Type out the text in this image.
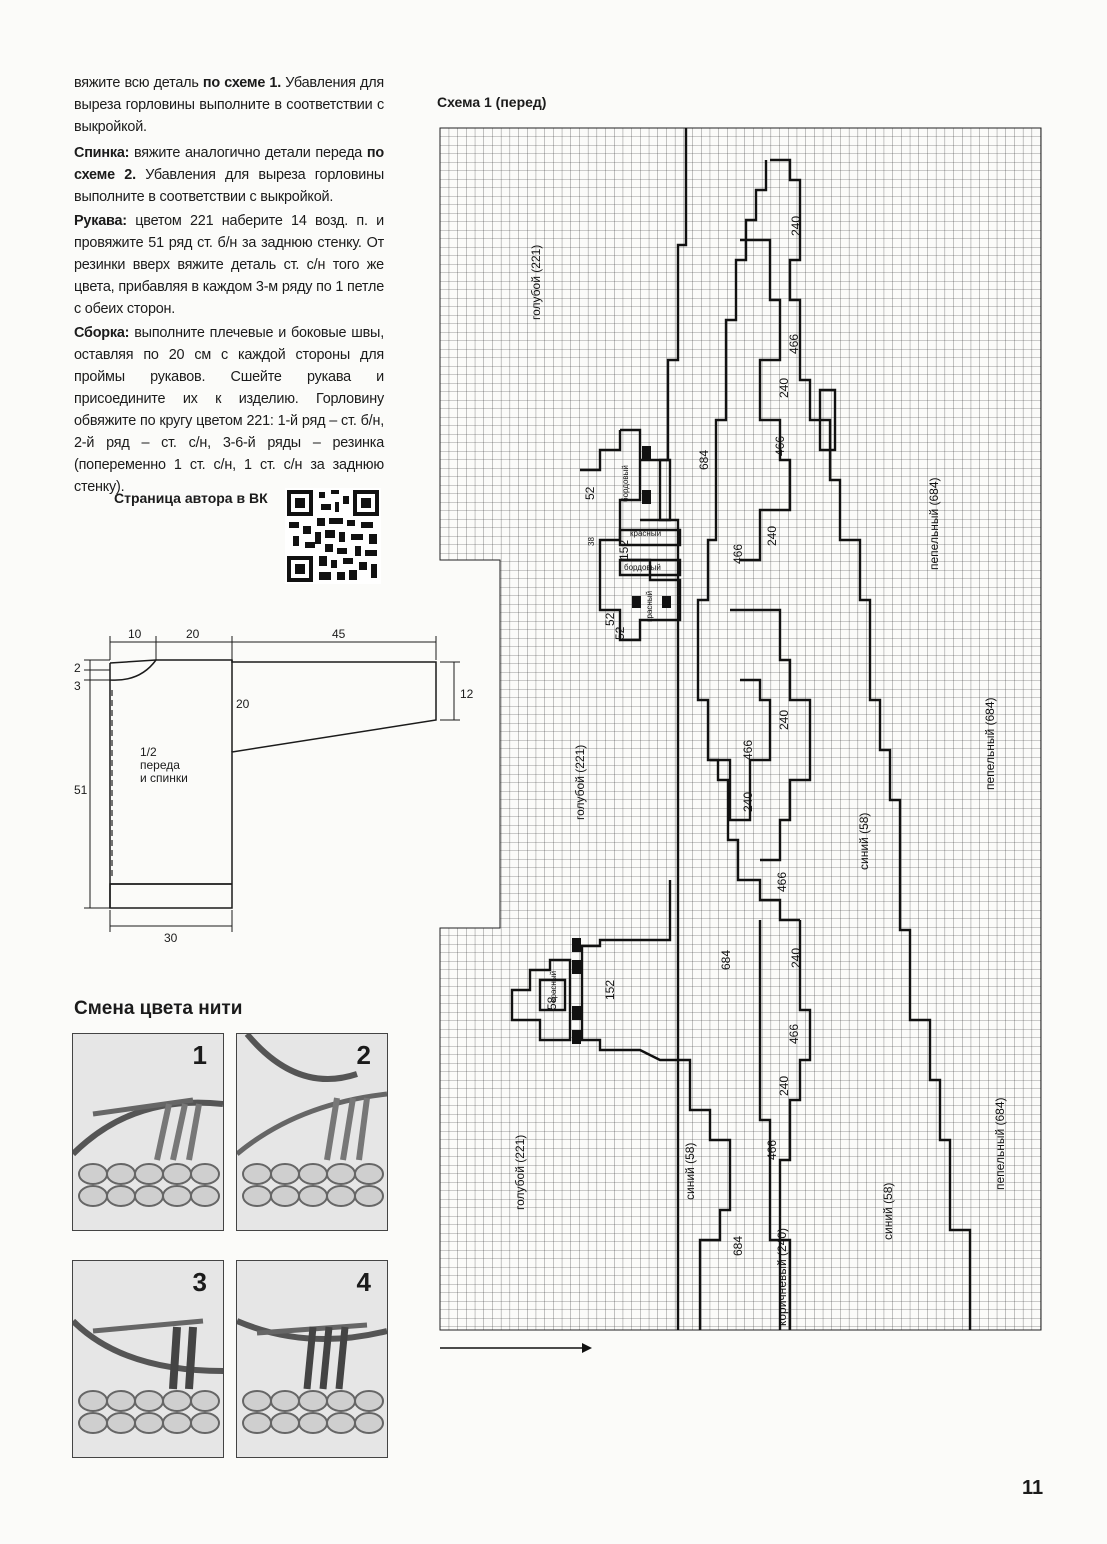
вяжите всю деталь по схеме 1. Убавления для выреза горловины выполните в соответствии с выкройкой.
Спинка: вяжите аналогично детали переда по схеме 2. Убавления для выреза горловины выполните в соответствии с выкройкой.
Рукава: цветом 221 наберите 14 возд. п. и провяжите 51 ряд ст. б/н за заднюю стенку. От резинки вверх вяжите деталь ст. с/н того же цвета, прибавляя в каждом 3-м ряду по 1 петле с обеих сторон.
Сборка: выполните плечевые и боковые швы, оставляя по 20 см с каждой стороны для проймы рукавов. Сшейте рукава и присоедините их к изделию. Горловину обвяжите по кругу цветом 221: 1-й ряд – ст. б/н, 2-й ряд – ст. с/н, 3-6-й ряды – резинка (попеременно 1 ст. с/н, 1 ст. с/н за заднюю стенку).
Страница автора в ВК
10	20	45
2
3
12
20
51
30
1/2
переда
и спинки
Смена цвета нити
1	2
3	4
Схема 1 (перед)
голубой (221)
голубой (221)
голубой (221)
пепельный (684)
пепельный (684)
пепельный (684)
синий (58)
синий (58)
синий (58)
коричневый (240)
684
684
684
240
240
240
240
240
240
240
466
466
466
466
466
466
466
152
152
58
52
52
52
38
бордовый
красный
бордовый
красный
красный
11
